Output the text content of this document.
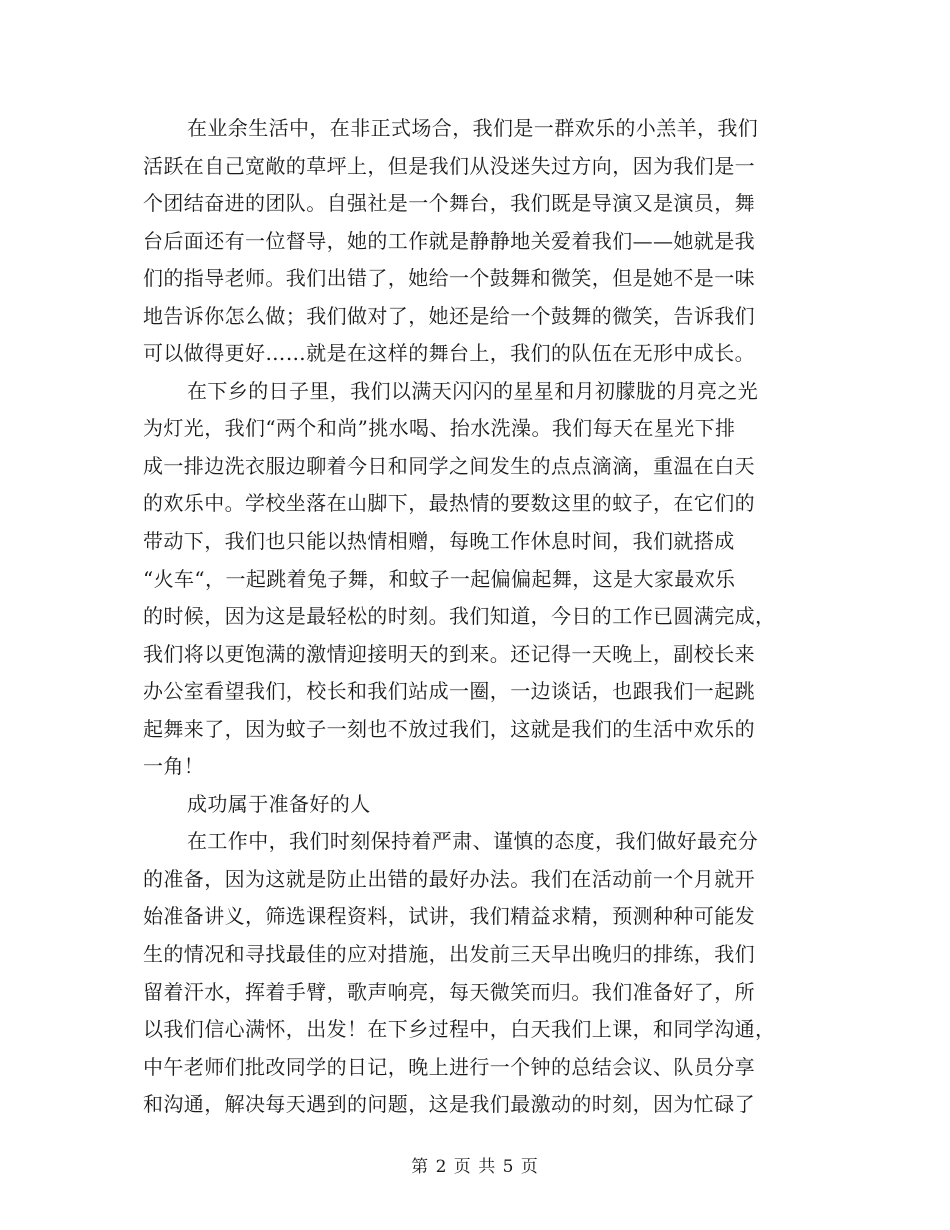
在业余生活中，在非正式场合，我们是一群欢乐的小羔羊，我们
活跃在自己宽敞的草坪上，但是我们从没迷失过方向，因为我们是一
个团结奋进的团队。自强社是一个舞台，我们既是导演又是演员，舞
台后面还有一位督导，她的工作就是静静地关爱着我们——她就是我
们的指导老师。我们出错了，她给一个鼓舞和微笑，但是她不是一味
地告诉你怎么做；我们做对了，她还是给一个鼓舞的微笑，告诉我们
可以做得更好……就是在这样的舞台上，我们的队伍在无形中成长。
在下乡的日子里，我们以满天闪闪的星星和月初朦胧的月亮之光
为灯光，我们“两个和尚”挑水喝、抬水洗澡。我们每天在星光下排
成一排边洗衣服边聊着今日和同学之间发生的点点滴滴，重温在白天
的欢乐中。学校坐落在山脚下，最热情的要数这里的蚊子，在它们的
带动下，我们也只能以热情相赠，每晚工作休息时间，我们就搭成
“火车“，一起跳着兔子舞，和蚊子一起偏偏起舞，这是大家最欢乐
的时候，因为这是最轻松的时刻。我们知道，今日的工作已圆满完成，
我们将以更饱满的激情迎接明天的到来。还记得一天晚上，副校长来
办公室看望我们，校长和我们站成一圈，一边谈话，也跟我们一起跳
起舞来了，因为蚊子一刻也不放过我们，这就是我们的生活中欢乐的
一角！
成功属于准备好的人
在工作中，我们时刻保持着严肃、谨慎的态度，我们做好最充分
的准备，因为这就是防止出错的最好办法。我们在活动前一个月就开
始准备讲义，筛选课程资料，试讲，我们精益求精，预测种种可能发
生的情况和寻找最佳的应对措施，出发前三天早出晚归的排练，我们
留着汗水，挥着手臂，歌声响亮，每天微笑而归。我们准备好了，所
以我们信心满怀，出发！在下乡过程中，白天我们上课，和同学沟通，
中午老师们批改同学的日记，晚上进行一个钟的总结会议、队员分享
和沟通，解决每天遇到的问题，这是我们最激动的时刻，因为忙碌了
第 2 页 共 5 页
